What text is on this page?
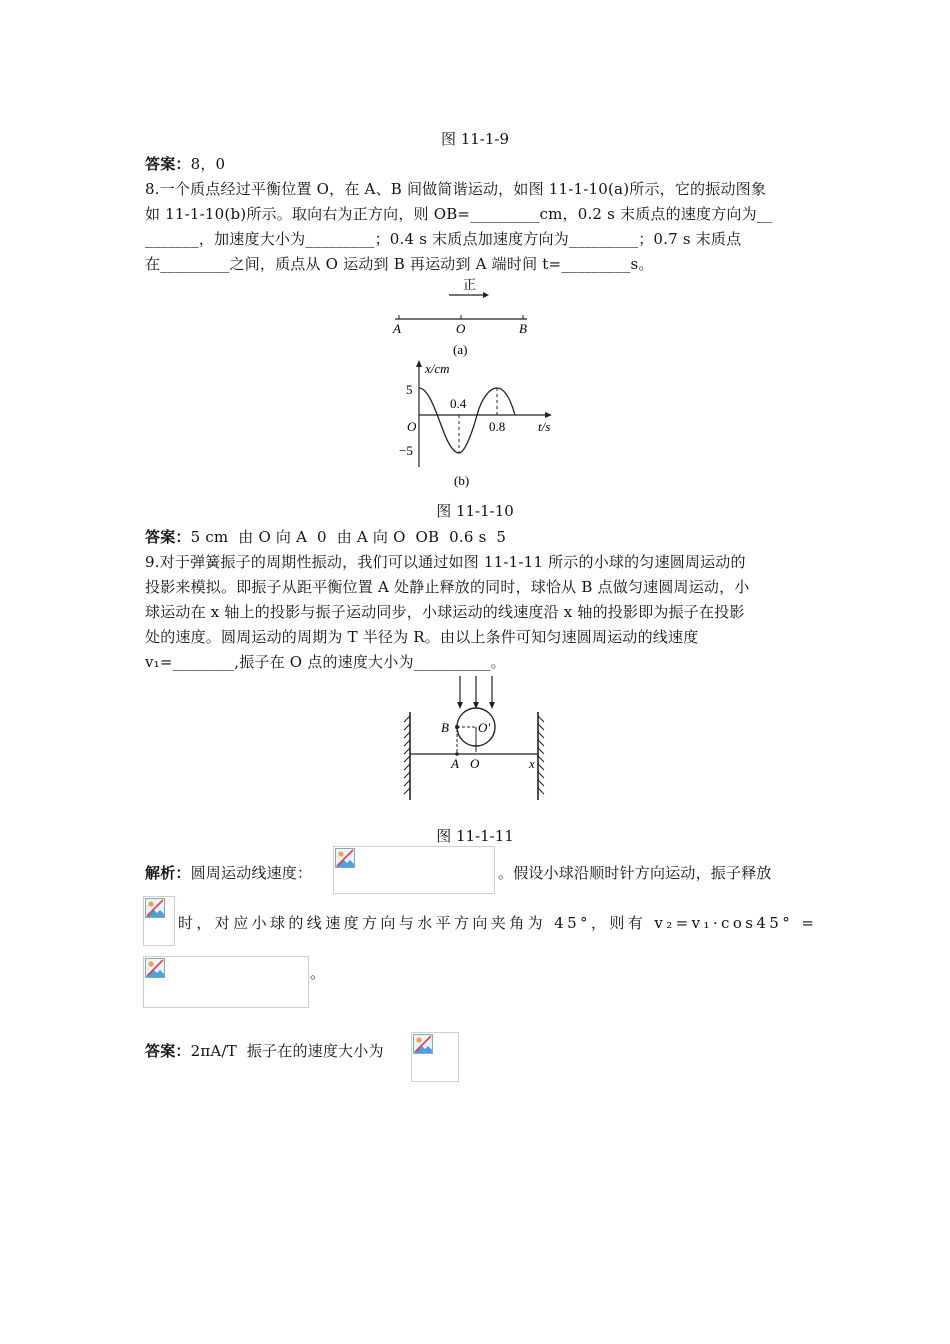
图 11-1-9
答案：8，0
8.一个质点经过平衡位置 O，在 A、B 间做简谐运动，如图 11-1-10(a)所示，它的振动图象
如 11-1-10(b)所示。取向右为正方向，则 OB=_________cm，0.2 s 末质点的速度方向为__
_______，加速度大小为_________；0.4 s 末质点加速度方向为_________；0.7 s 末质点
在_________之间，质点从 O 运动到 B 再运动到 A 端时间 t=_________s。
正
A	O	B
(a)
x/cm
5
−5
O
0.4
0.8	t/s
(b)
图 11-1-10
答案：5 cm  由 O 向 A  0  由 A 向 O  OB  0.6 s  5
9.对于弹簧振子的周期性振动，我们可以通过如图 11-1-11 所示的小球的匀速圆周运动的
投影来模拟。即振子从距平衡位置 A 处静止释放的同时，球恰从 B 点做匀速圆周运动，小
球运动在 x 轴上的投影与振子运动同步，小球运动的线速度沿 x 轴的投影即为振子在投影
处的速度。圆周运动的周期为 T 半径为 R。由以上条件可知匀速圆周运动的线速度
v₁=________,振子在 O 点的速度大小为__________。
B O′
A O	x
图 11-1-11
解析：圆周运动线速度：	。假设小球沿顺时针方向运动，振子释放
时，对应小球的线速度方向与水平方向夹角为 45°，则有 v₂=v₁·cos45° =
。
答案：2πA/T  振子在的速度大小为
